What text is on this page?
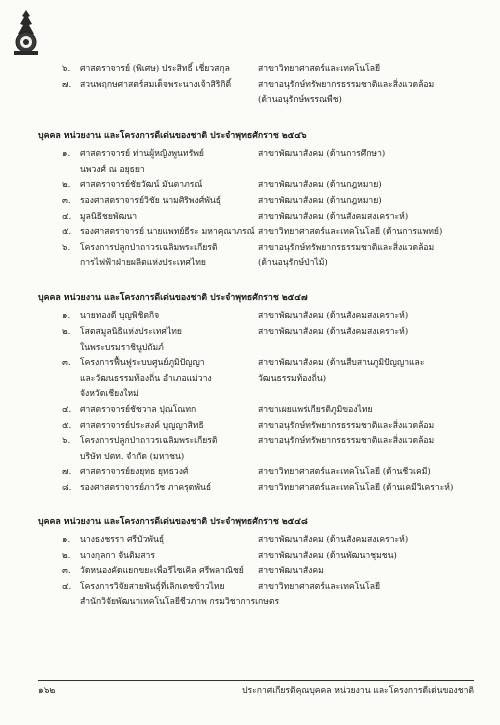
๖.	ศาสตราจารย์ (พิเศษ) ประสิทธิ์ เชี่ยวสกุล	สาขาวิทยาศาสตร์และเทคโนโลยี
๗.	สวนพฤกษศาสตร์สมเด็จพระนางเจ้าสิริกิติ์	สาขาอนุรักษ์ทรัพยากรธรรมชาติและสิ่งแวดล้อม
(ด้านอนุรักษ์พรรณพืช)
บุคคล หน่วยงาน และโครงการดีเด่นของชาติ ประจำพุทธศักราช ๒๕๔๖
๑.	ศาสตราจารย์ ท่านผู้หญิงพูนทรัพย์	สาขาพัฒนาสังคม (ด้านการศึกษา)
นพวงศ์ ณ อยุธยา
๒.	ศาสตราจารย์ชัยวัฒน์ มันตาภรณ์	สาขาพัฒนาสังคม (ด้านกฎหมาย)
๓.	รองศาสตราจารย์วิชัย นามศิริพงศ์พันธุ์	สาขาพัฒนาสังคม (ด้านกฎหมาย)
๔.	มูลนิธิชยพัฒนา	สาขาพัฒนาสังคม (ด้านสังคมสงเคราะห์)
๕.	รองศาสตราจารย์ นายแพทย์ธีระ มหาคุณาภรณ์ สาขาวิทยาศาสตร์และเทคโนโลยี (ด้านการแพทย์)
๖.	โครงการปลูกป่าถาวรเฉลิมพระเกียรติ	สาขาอนุรักษ์ทรัพยากรธรรมชาติและสิ่งแวดล้อม
การไฟฟ้าฝ่ายผลิตแห่งประเทศไทย	(ด้านอนุรักษ์ป่าไม้)
บุคคล หน่วยงาน และโครงการดีเด่นของชาติ ประจำพุทธศักราช ๒๕๔๗
๑.	นายทองดี บุญพิชิตกิจ	สาขาพัฒนาสังคม (ด้านสังคมสงเคราะห์)
๒.	โสตสมูลนิธิแห่งประเทศไทย	สาขาพัฒนาสังคม (ด้านสังคมสงเคราะห์)
ในพระบรมราชินูปถัมภ์
๓.	โครงการฟื้นฟูระบบศูนย์ภูมิปัญญา	สาขาพัฒนาสังคม (ด้านสืบสานภูมิปัญญาและ
และวัฒนธรรมท้องถิ่น อำเภอแม่วาง	วัฒนธรรมท้องถิ่น)
จังหวัดเชียงใหม่
๔.	ศาสตราจารย์ชัชวาล ปุณโณทก	สาขาเผยแพร่เกียรติภูมิของไทย
๕.	ศาสตราจารย์ประสงค์ บุญญาสิทธิ	สาขาอนุรักษ์ทรัพยากรธรรมชาติและสิ่งแวดล้อม
๖.	โครงการปลูกป่าถาวรเฉลิมพระเกียรติ	สาขาอนุรักษ์ทรัพยากรธรรมชาติและสิ่งแวดล้อม
บริษัท ปตท. จำกัด (มหาชน)
๗.	ศาสตราจารย์ยงยุทธ ยุทธวงศ์	สาขาวิทยาศาสตร์และเทคโนโลยี (ด้านชีวเคมี)
๘.	รองศาสตราจารย์ภาวัช ภาครุดพันธ์	สาขาวิทยาศาสตร์และเทคโนโลยี (ด้านเคมีวิเคราะห์)
บุคคล หน่วยงาน และโครงการดีเด่นของชาติ ประจำพุทธศักราช ๒๕๔๘
๑.	นางธงชรรา ศรีบัวพันธุ์	สาขาพัฒนาสังคม (ด้านสังคมสงเคราะห์)
๒.	นางกุลกา จันติมสาร	สาขาพัฒนาสังคม (ด้านพัฒนาชุมชน)
๓.	วัดหนองคัดแยกขยะเพื่อรีไซเคิล ศรีพลาณิชย์	สาขาพัฒนาสังคม
๔.	โครงการวิจัยสายพันธุ์ที่เลิกเดชข้าวไทย	สาขาวิทยาศาสตร์และเทคโนโลยี
สำนักวิจัยพัฒนาเทคโนโลยีชีวภาพ กรมวิชาการเกษตร
๑๖๒	ประกาศเกียรติคุณบุคคล หน่วยงาน และโครงการดีเด่นของชาติ
